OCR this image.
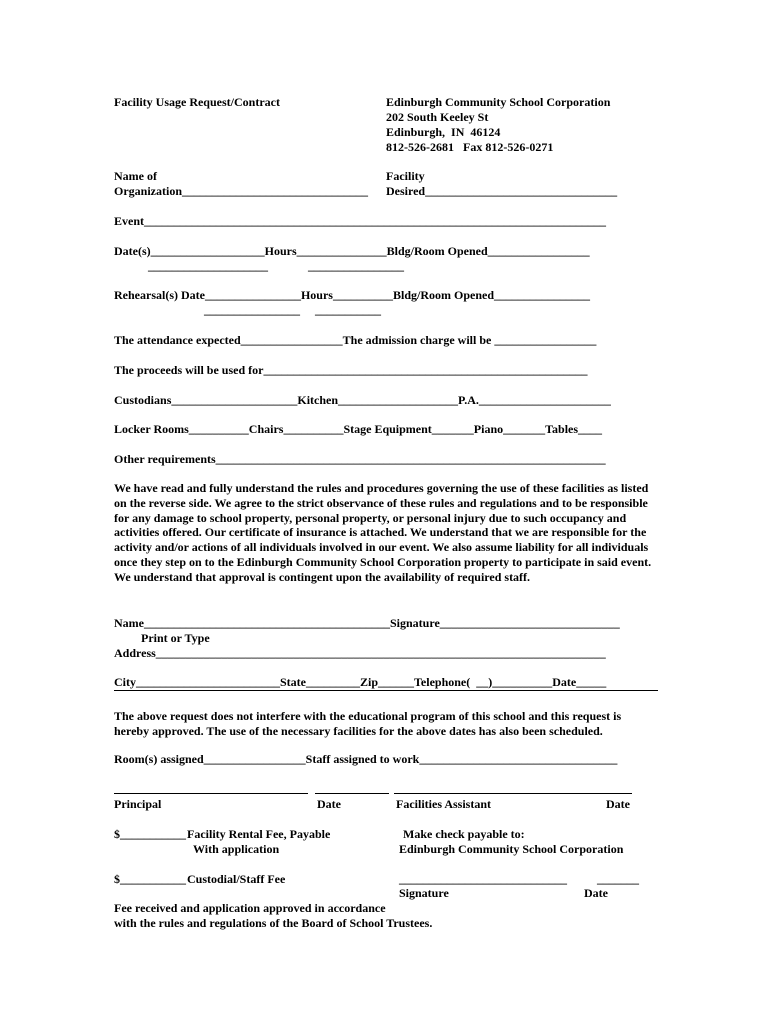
Facility Usage Request/Contract	Edinburgh Community School Corporation
202 South Keeley St
Edinburgh,  IN  46124
812-526-2681   Fax 812-526-0271
Name of
Organization_______________________________
Facility
Desired________________________________
Event_____________________________________________________________________________
Date(s)___________________Hours_______________Bldg/Room Opened_________________
____________________	________________
Rehearsal(s) Date________________Hours__________Bldg/Room Opened________________
________________ ___________
The attendance expected_________________The admission charge will be _________________
The proceeds will be used for______________________________________________________
Custodians_____________________Kitchen____________________P.A.______________________
Locker Rooms__________Chairs__________Stage Equipment_______Piano_______Tables____
Other requirements_________________________________________________________________
We have read and fully understand the rules and procedures governing the use of these facilities as listed on the reverse side. We agree to the strict observance of these rules and regulations and to be responsible for any damage to school property, personal property, or personal injury due to such occupancy and activities offered. Our certificate of insurance is attached. We understand that we are responsible for the activity and/or actions of all individuals involved in our event. We also assume liability for all individuals once they step on to the Edinburgh Community School Corporation property to participate in said event. We understand that approval is contingent upon the availability of required staff.
Name_________________________________________Signature______________________________
Print or Type
Address___________________________________________________________________________
City________________________State_________Zip______Telephone(  __)__________Date_____
The above request does not interfere with the educational program of this school and this request is hereby approved. The use of the necessary facilities for the above dates has also been scheduled.
Room(s) assigned_________________Staff assigned to work_________________________________
Principal	Date	Facilities Assistant	Date
$___________ Facility Rental Fee, Payable
With application
Make check payable to:
Edinburgh Community School Corporation
$___________ Custodial/Staff Fee	____________________________	_______
Signature	Date
Fee received and application approved in accordance
with the rules and regulations of the Board of School Trustees.
